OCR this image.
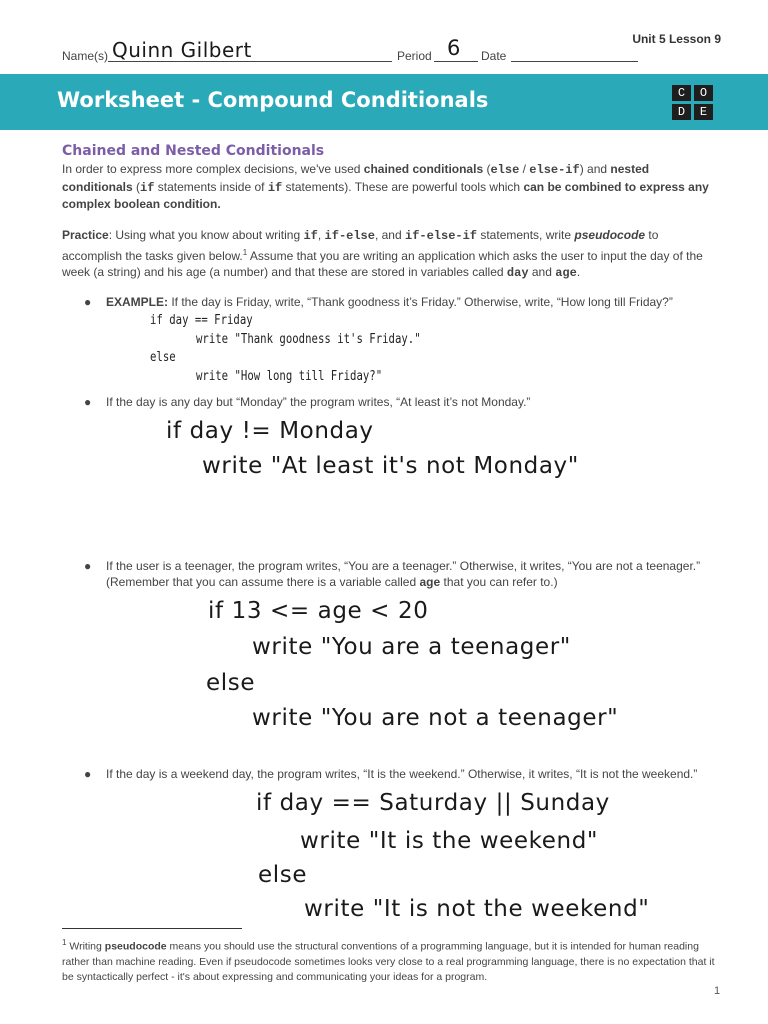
Unit 5 Lesson 9
Name(s) Quinn Gilbert	Period 6 Date
Worksheet - Compound Conditionals	C	O
D	E
Chained and Nested Conditionals
In order to express more complex decisions, we've used chained conditionals (else / else-if) and nested conditionals (if statements inside of if statements). These are powerful tools which can be combined to express any complex boolean condition.
Practice: Using what you know about writing if, if-else, and if-else-if statements, write pseudocode to accomplish the tasks given below.$^1$ Assume that you are writing an application which asks the user to input the day of the week (a string) and his age (a number) and that these are stored in variables called day and age.
● EXAMPLE: If the day is Friday, write, “Thank goodness it’s Friday.” Otherwise, write, “How long till Friday?”
if day == Friday
write "Thank goodness it's Friday."
else
write "How long till Friday?"
● If the day is any day but “Monday” the program writes, “At least it’s not Monday.”
if day != Monday
write "At least it's not Monday"
● If the user is a teenager, the program writes, “You are a teenager.” Otherwise, it writes, “You are not a teenager.” (Remember that you can assume there is a variable called age that you can refer to.)
if 13 <= age < 20
write "You are a teenager"
else
write "You are not a teenager"
● If the day is a weekend day, the program writes, “It is the weekend.” Otherwise, it writes, “It is not the weekend.”
if day == Saturday || Sunday
write "It is the weekend"
else
write "It is not the weekend"
$^1$ Writing pseudocode means you should use the structural conventions of a programming language, but it is intended for human reading rather than machine reading. Even if pseudocode sometimes looks very close to a real programming language, there is no expectation that it be syntactically perfect - it's about expressing and communicating your ideas for a program.
1
